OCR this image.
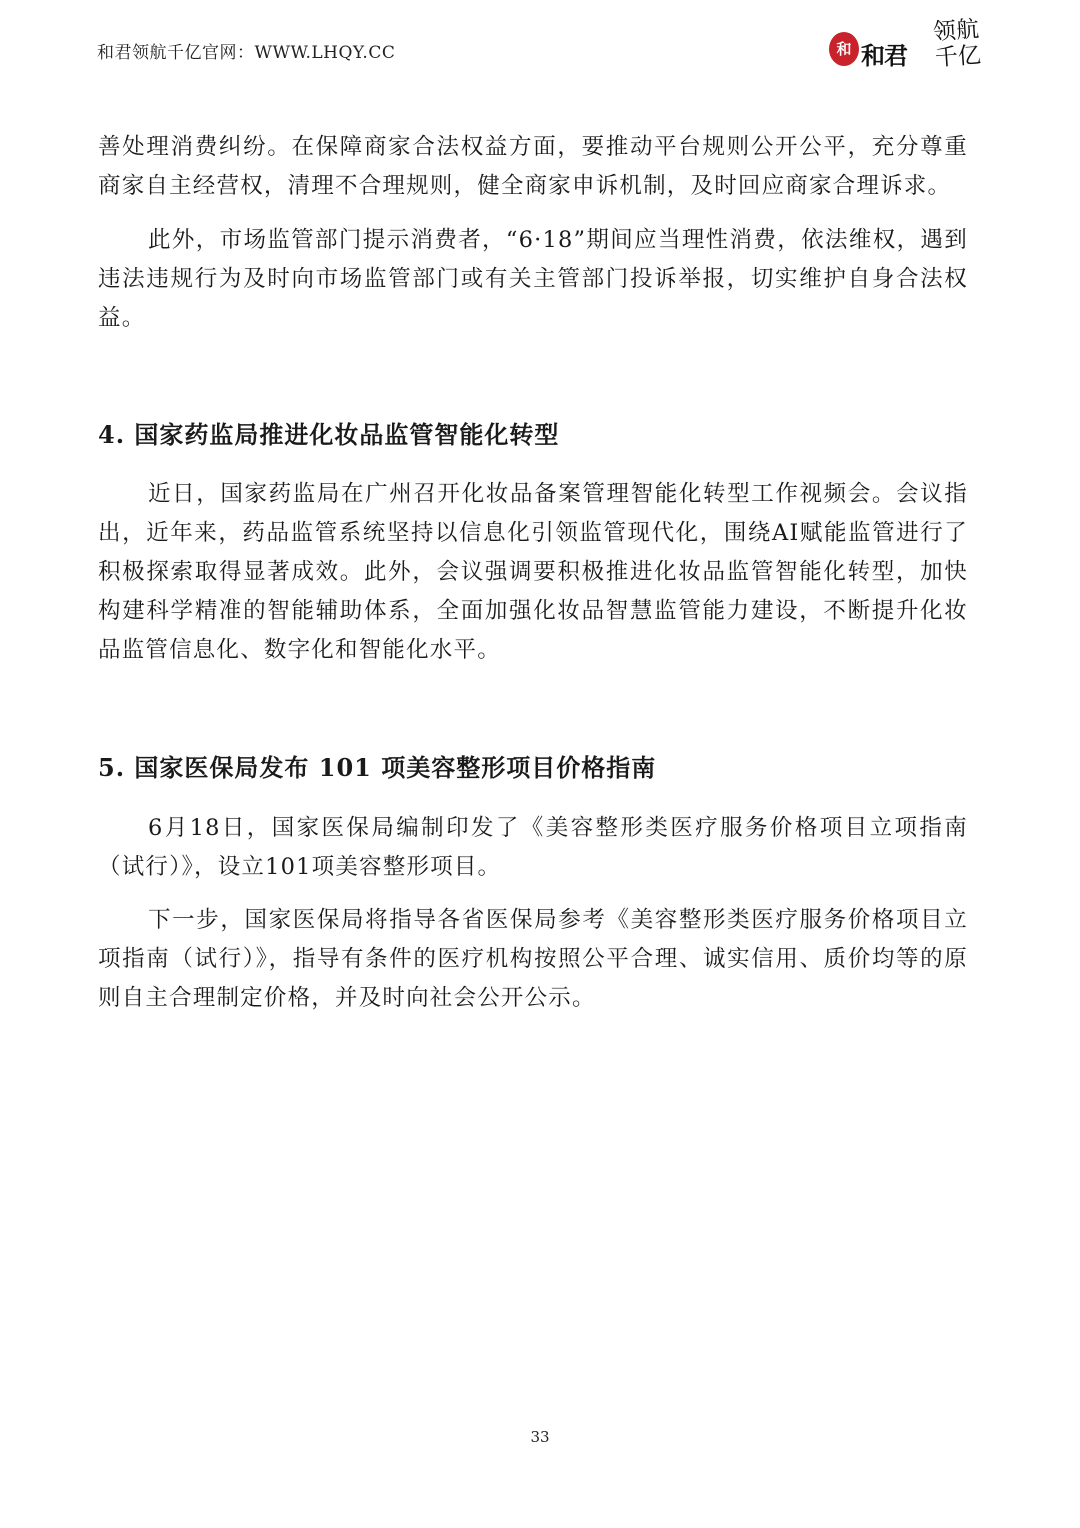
和君领航千亿官网：WWW.LHQY.CC	和 和君
领航千亿

善处理消费纠纷。在保障商家合法权益方面，要推动平台规则公开公平，充分尊重商家自主经营权，清理不合理规则，健全商家申诉机制，及时回应商家合理诉求。

此外，市场监管部门提示消费者，“6·18”期间应当理性消费，依法维权，遇到违法违规行为及时向市场监管部门或有关主管部门投诉举报，切实维护自身合法权益。

4. 国家药监局推进化妆品监管智能化转型

近日，国家药监局在广州召开化妆品备案管理智能化转型工作视频会。会议指出，近年来，药品监管系统坚持以信息化引领监管现代化，围绕AI赋能监管进行了积极探索取得显著成效。此外，会议强调要积极推进化妆品监管智能化转型，加快构建科学精准的智能辅助体系，全面加强化妆品智慧监管能力建设，不断提升化妆品监管信息化、数字化和智能化水平。

5. 国家医保局发布 101 项美容整形项目价格指南

6月18日，国家医保局编制印发了《美容整形类医疗服务价格项目立项指南（试行）》，设立101项美容整形项目。

下一步，国家医保局将指导各省医保局参考《美容整形类医疗服务价格项目立项指南（试行）》，指导有条件的医疗机构按照公平合理、诚实信用、质价均等的原则自主合理制定价格，并及时向社会公开公示。

33
